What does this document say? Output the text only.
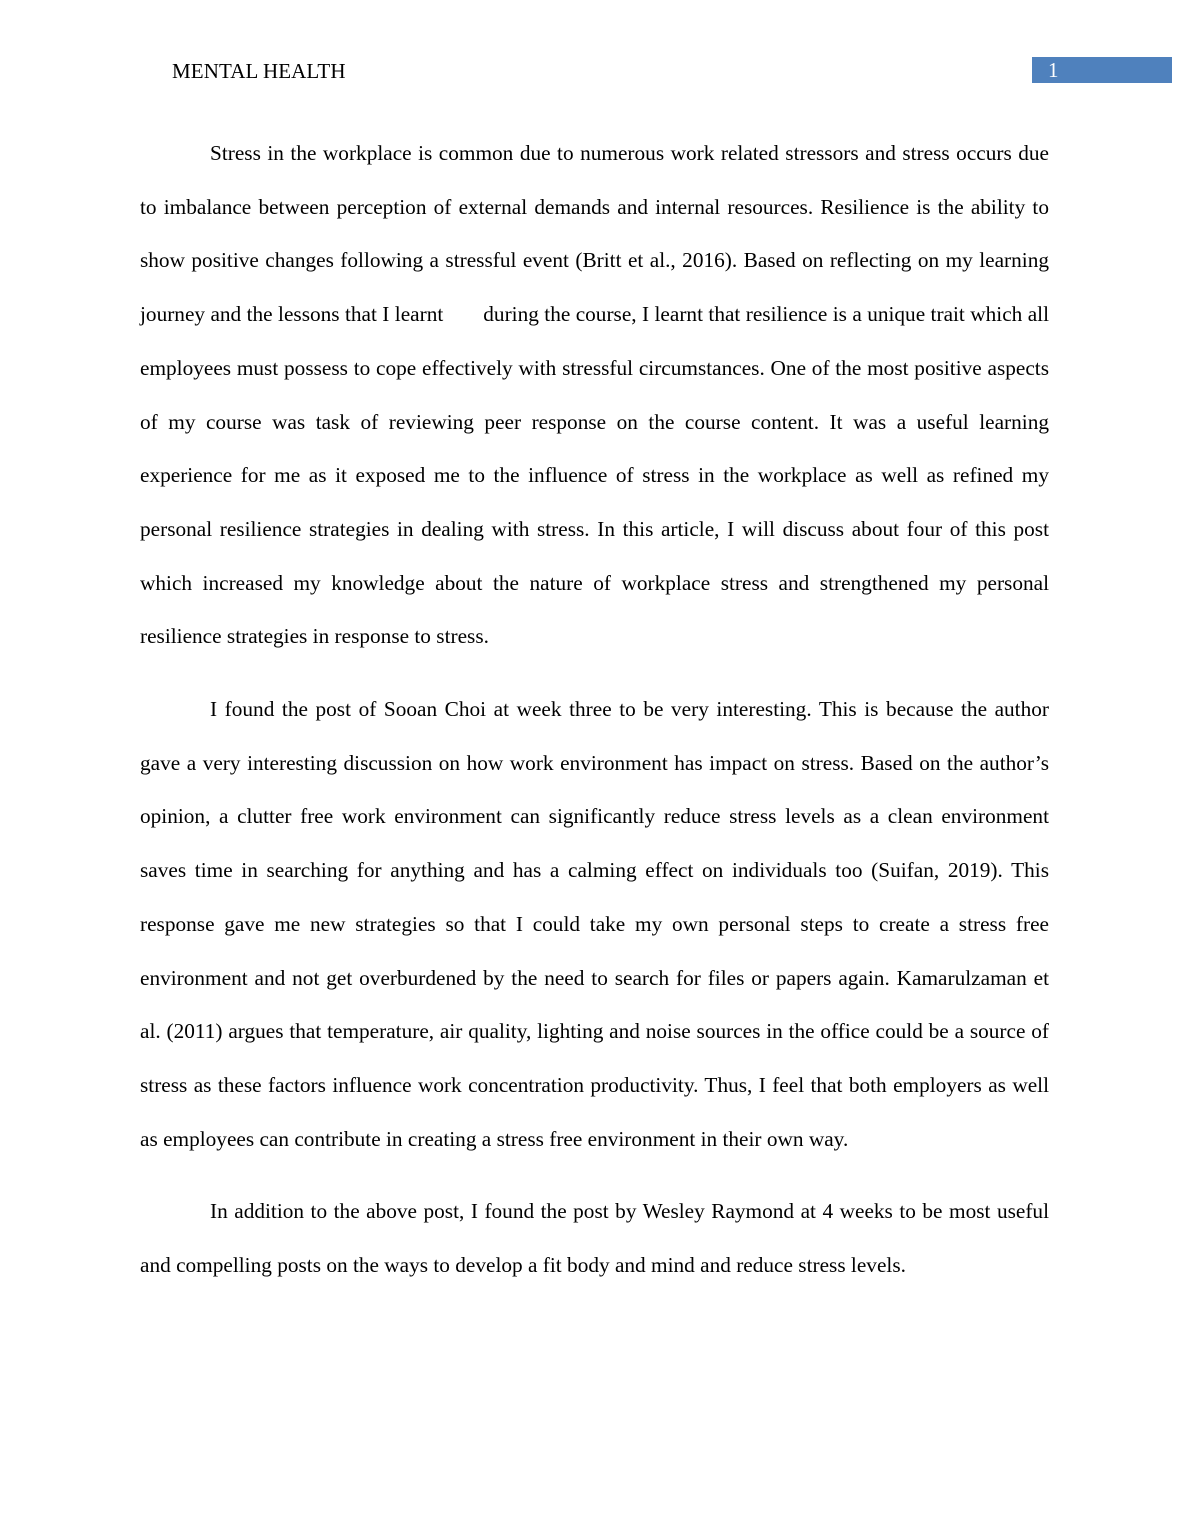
MENTAL HEALTH	1

Stress in the workplace is common due to numerous work related stressors and stress occurs due to imbalance between perception of external demands and internal resources. Resilience is the ability to show positive changes following a stressful event (Britt et al., 2016). Based on reflecting on my learning journey and the lessons that I learnt during the course, I learnt that resilience is a unique trait which all employees must possess to cope effectively with stressful circumstances. One of the most positive aspects of my course was task of reviewing peer response on the course content. It was a useful learning experience for me as it exposed me to the influence of stress in the workplace as well as refined my personal resilience strategies in dealing with stress. In this article, I will discuss about four of this post which increased my knowledge about the nature of workplace stress and strengthened my personal resilience strategies in response to stress.

I found the post of Sooan Choi at week three to be very interesting. This is because the author gave a very interesting discussion on how work environment has impact on stress. Based on the author’s opinion, a clutter free work environment can significantly reduce stress levels as a clean environment saves time in searching for anything and has a calming effect on individuals too (Suifan, 2019). This response gave me new strategies so that I could take my own personal steps to create a stress free environment and not get overburdened by the need to search for files or papers again. Kamarulzaman et al. (2011) argues that temperature, air quality, lighting and noise sources in the office could be a source of stress as these factors influence work concentration productivity. Thus, I feel that both employers as well as employees can contribute in creating a stress free environment in their own way.

In addition to the above post, I found the post by Wesley Raymond at 4 weeks to be most useful and compelling posts on the ways to develop a fit body and mind and reduce stress levels.
